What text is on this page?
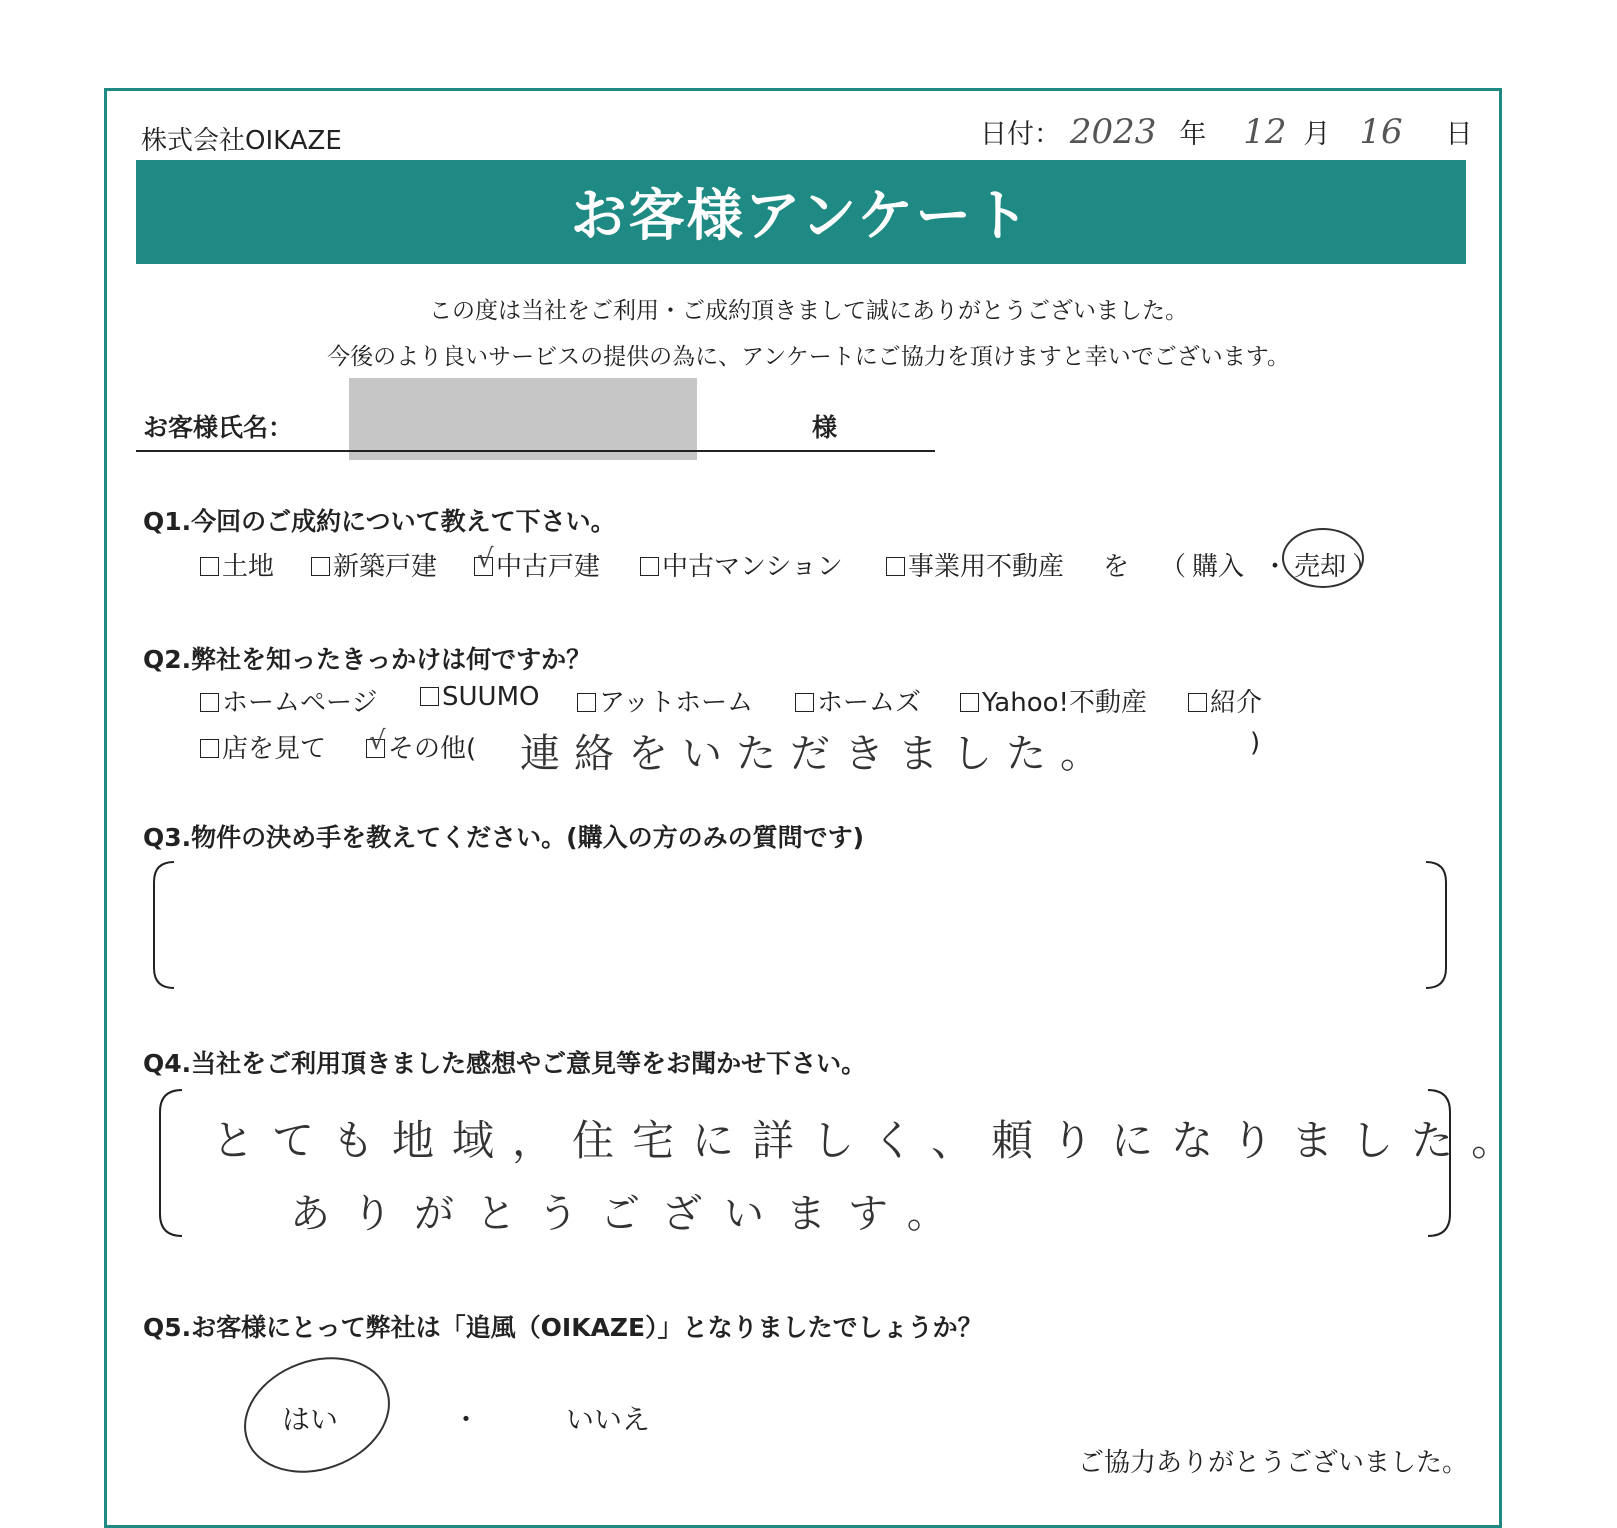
株式会社OIKAZE	日付： 2023 年 12 月 16 日
お客様アンケート
この度は当社をご利用・ご成約頂きまして誠にありがとうございました。
今後のより良いサービスの提供の為に、アンケートにご協力を頂けますと幸いでございます。
お客様氏名：	様
Q1.今回のご成約について教えて下さい。
土地	新築戸建 √ 中古戸建	中古マンション	事業用不動産 を （ 購入 ・ 売却 ）
Q2.弊社を知ったきっかけは何ですか？
ホームページ	SUUMO	アットホーム	ホームズ	Yahoo!不動産	紹介
店を見て √ その他(	)
連絡をいただきました。
Q3.物件の決め手を教えてください。(購入の方のみの質問です)
Q4.当社をご利用頂きました感想やご意見等をお聞かせ下さい。
とても地域，住宅に詳しく、頼りになりました。
ありがとうございます。
Q5.お客様にとって弊社は「追風（OIKAZE）」となりましたでしょうか？
はい	・	いいえ
ご協力ありがとうございました。
